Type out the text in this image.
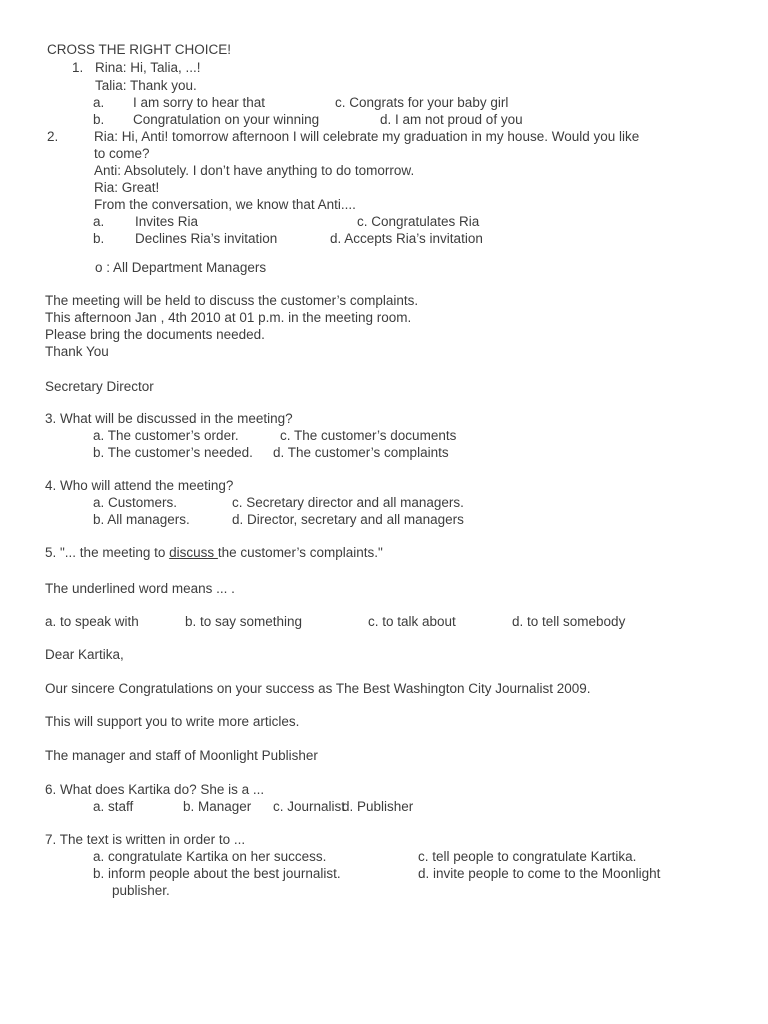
CROSS THE RIGHT CHOICE!
1. Rina: Hi, Talia, ...!
Talia: Thank you.
a. I am sorry to hear that	c. Congrats for your baby girl
b. Congratulation on your winning	d. I am not proud of you
2.	Ria: Hi, Anti! tomorrow afternoon I will celebrate my graduation in my house. Would you like
to come?
Anti: Absolutely. I don’t have anything to do tomorrow.
Ria: Great!
From the conversation, we know that Anti....
a. Invites Ria	c. Congratulates Ria
b. Declines Ria’s invitation	d. Accepts Ria’s invitation
o : All Department Managers
The meeting will be held to discuss the customer’s complaints.
This afternoon Jan , 4th 2010 at 01 p.m. in the meeting room.
Please bring the documents needed.
Thank You
Secretary Director
3. What will be discussed in the meeting?
a. The customer’s order.	c. The customer’s documents
b. The customer’s needed. d. The customer’s complaints
4. Who will attend the meeting?
a. Customers.	c. Secretary director and all managers.
b. All managers.	d. Director, secretary and all managers
5. "... the meeting to discuss the customer’s complaints."
The underlined word means ... .
a. to speak with	b. to say something	c. to talk about	d. to tell somebody
Dear Kartika,
Our sincere Congratulations on your success as The Best Washington City Journalist 2009.
This will support you to write more articles.
The manager and staff of Moonlight Publisher
6. What does Kartika do? She is a ...
a. staff	b. Manager c. Journalist
d. Publisher
7. The text is written in order to ...
a. congratulate Kartika on her success.	c. tell people to congratulate Kartika.
b. inform people about the best journalist.	d. invite people to come to the Moonlight
publisher.
